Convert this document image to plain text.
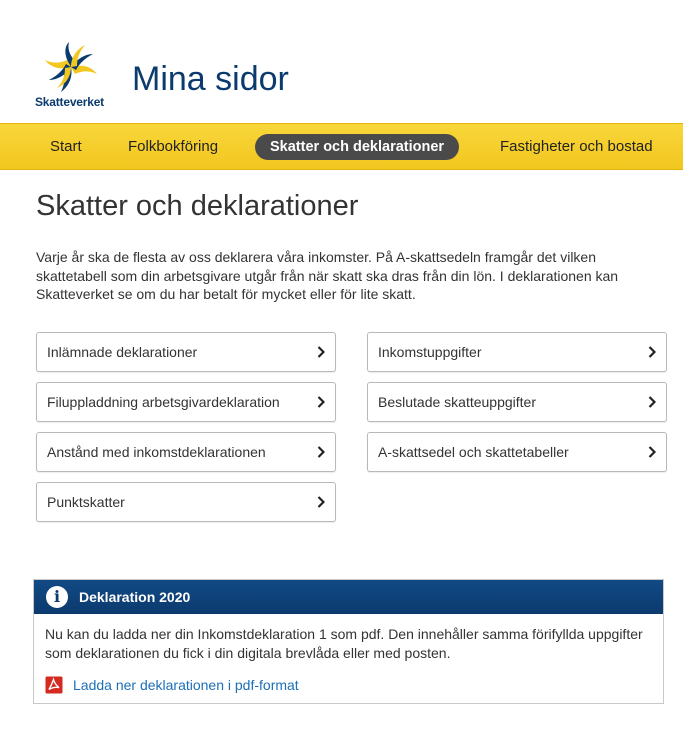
Skatteverket
Mina sidor
Start	Folkbokföring	Skatter och deklarationer	Fastigheter och bostad
Skatter och deklarationer

Varje år ska de flesta av oss deklarera våra inkomster. På A-skattsedeln framgår det vilken skattetabell som din arbetsgivare utgår från när skatt ska dras från din lön. I deklarationen kan Skatteverket se om du har betalt för mycket eller för lite skatt.

Inlämnade deklarationer	Inkomstuppgifter
Filuppladdning arbetsgivardeklaration	Beslutade skatteuppgifter
Anstånd med inkomstdeklarationen	A-skattsedel och skattetabeller
Punktskatter
i	Deklaration 2020

Nu kan du ladda ner din Inkomstdeklaration 1 som pdf. Den innehåller samma förifyllda uppgifter som deklarationen du fick i din digitala brevlåda eller med posten.

Ladda ner deklarationen i pdf-format
